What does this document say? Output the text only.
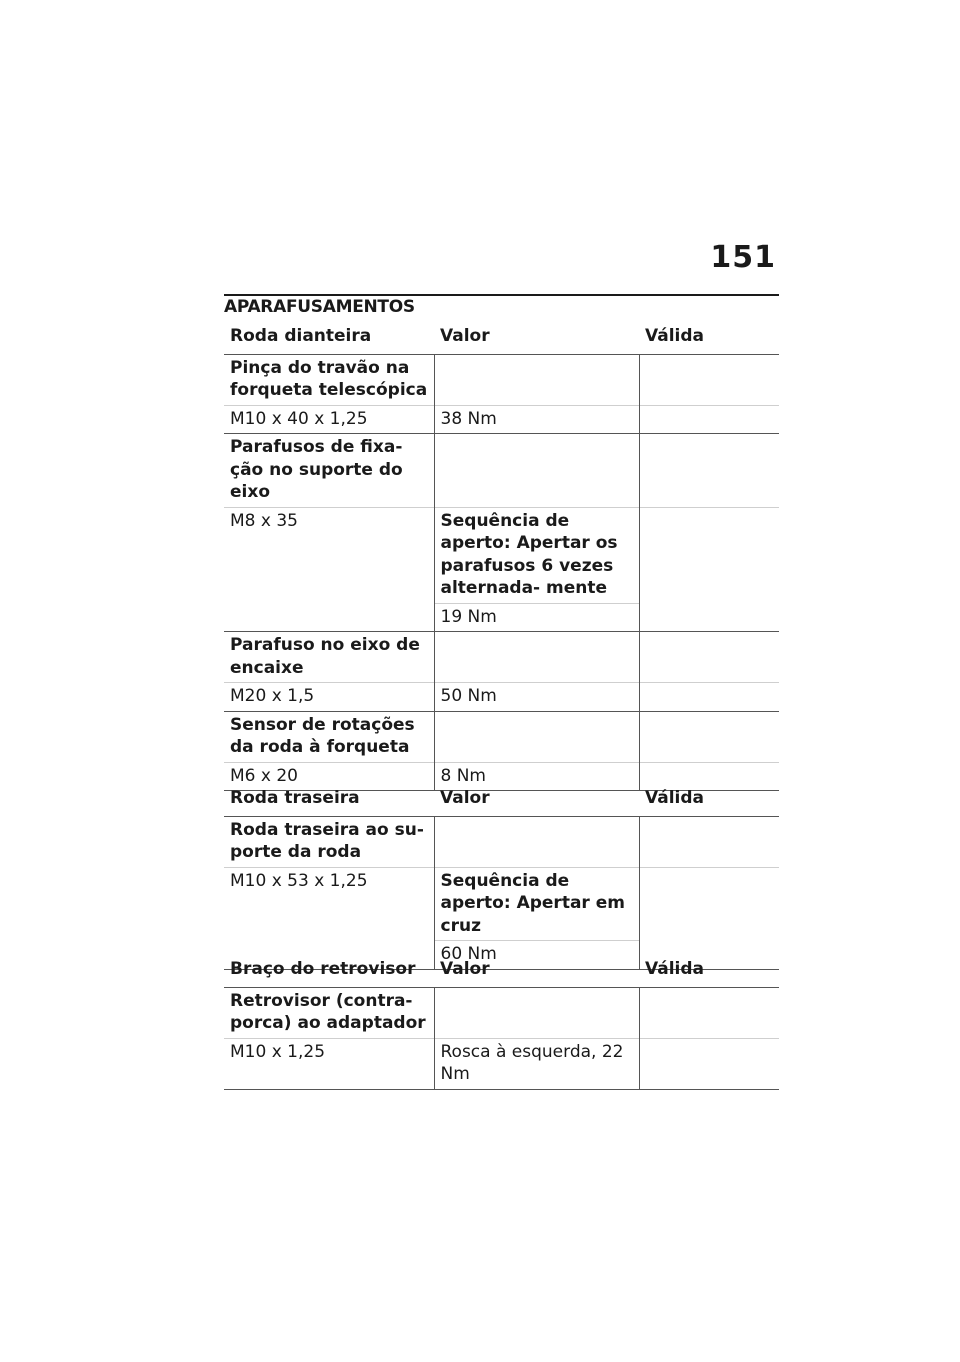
151
APARAFUSAMENTOS
Roda dianteira	Valor	Válida
Pinça do travão na forqueta telescópica		
M10 x 40 x 1,25	38 Nm	
Parafusos de fixa- ção no suporte do eixo		
M8 x 35	Sequência de aperto: Apertar os parafusos 6 vezes alternada- mente	
	19 Nm	
Parafuso no eixo de encaixe		
M20 x 1,5	50 Nm	
Sensor de rotações da roda à forqueta		
M6 x 20	8 Nm	
Roda traseira	Valor	Válida
Roda traseira ao su- porte da roda		
M10 x 53 x 1,25	Sequência de aperto: Apertar em cruz	
	60 Nm	
Braço do retrovisor	Valor	Válida
Retrovisor (contra- porca) ao adaptador		
M10 x 1,25	Rosca à esquerda, 22 Nm	
